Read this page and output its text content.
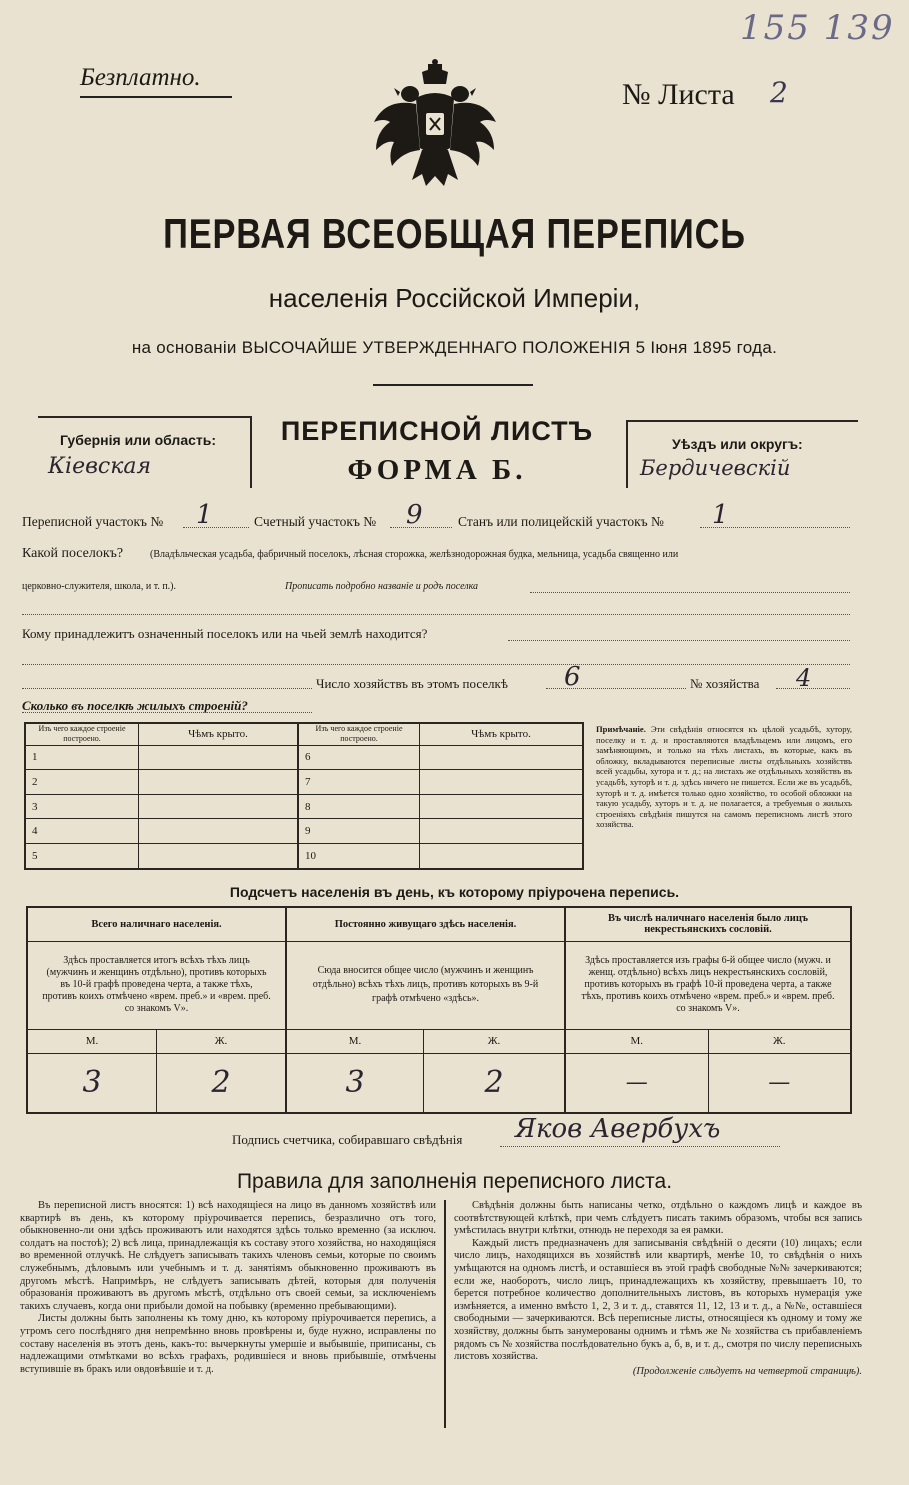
155 139
Безплатно.
№ Листа 2
ПЕРВАЯ ВСЕОБЩАЯ ПЕРЕПИСЬ
населенія Россійской Имперіи,
на основаніи ВЫСОЧАЙШЕ УТВЕРЖДЕННАГО ПОЛОЖЕНІЯ 5 Іюня 1895 года.
Губернія или область:
Кіевская
ПЕРЕПИСНОЙ ЛИСТЪ
ФОРМА Б.
Уѣздъ или округъ:
Бердичевскій
Переписной участокъ № 1	Счетный участокъ № 9	Станъ или полицейскій участокъ № 1
Какой поселокъ?	(Владѣльческая усадьба, фабричный поселокъ, лѣсная сторожка, желѣзнодорожная будка, мельница, усадьба священно или
церковно-служителя, школа, и т. п.).	Прописать подробно названіе и родъ поселка
Кому принадлежитъ означенный поселокъ или на чьей землѣ находится?
Число хозяйствъ въ этомъ поселкѣ 6	№ хозяйства 4
Сколько въ поселкѣ жилыхъ строеній?
Изъ чего каждое строеніе построено.	Чѣмъ крыто.	Изъ чего каждое строеніе построено.	Чѣмъ крыто.
1		6	
2		7	
3		8	
4		9	
5		10	
Примѣчаніе. Эти свѣдѣнія относятся къ цѣлой усадьбѣ, хутору, поселку и т. д. и проставляются владѣльцемъ или лицомъ, его замѣняющимъ, и только на тѣхъ листахъ, въ которые, какъ въ обложку, вкладываются переписные листы отдѣльныхъ хозяйствъ всей усадьбы, хутора и т. д.; на листахъ же отдѣльныхъ хозяйствъ въ усадьбѣ, хуторѣ и т. д. здѣсь ничего не пишется. Если же въ усадьбѣ, хуторѣ и т. д. имѣется только одно хозяйство, то особой обложки на такую усадьбу, хуторъ и т. д. не полагается, а требуемыя о жилыхъ строеніяхъ свѣдѣнія пишутся на самомъ переписномъ листѣ этого хозяйства.
Подсчетъ населенія въ день, къ которому пріурочена перепись.
Всего наличнаго населенія.		Постоянно живущаго здѣсь населенія.		Въ числѣ наличнаго населенія было лицъ некрестьянскихъ сословій.	
Здѣсь проставляется итогъ всѣхъ тѣхъ лицъ (мужчинъ и женщинъ отдѣльно), противъ которыхъ въ 10-й графѣ проведена черта, а также тѣхъ, противъ коихъ отмѣчено «врем. преб.» и «врем. преб. со знакомъ V».		Сюда вносится общее число (мужчинъ и женщинъ отдѣльно) всѣхъ тѣхъ лицъ, противъ которыхъ въ 9-й графѣ отмѣчено «здѣсь».		Здѣсь проставляется изъ графы 6-й общее число (мужч. и женщ. отдѣльно) всѣхъ лицъ некрестьянскихъ сословій, противъ которыхъ въ графѣ 10-й проведена черта, а также тѣхъ, противъ коихъ отмѣчено «врем. преб.» и «врем. преб. со знакомъ V».	
М.	Ж.	М.	Ж.	М.	Ж.
3	2	3	2	—	—
Подпись счетчика, собиравшаго свѣдѣнія Яков Авербухъ
Правила для заполненія переписного листа.
Въ переписной листъ вносятся: 1) всѣ находящіеся на лицо въ данномъ хозяйствѣ или квартирѣ въ день, къ которому пріурочивается перепись, безразлично отъ того, обыкновенно-ли они здѣсь проживаютъ или находятся здѣсь только временно (за исключ. солдатъ на постоѣ); 2) всѣ лица, принадлежащія къ составу этого хозяйства, но находящіяся во временной отлучкѣ. Не слѣдуетъ записывать такихъ членовъ семьи, которые по своимъ служебнымъ, дѣловымъ или учебнымъ и т. д. занятіямъ обыкновенно проживаютъ въ другомъ мѣстѣ. Напримѣръ, не слѣдуетъ записывать дѣтей, которыя для полученія образованія проживаютъ въ другомъ мѣстѣ, отдѣльно отъ своей семьи, за исключеніемъ такихъ случаевъ, когда они прибыли домой на побывку (временно пребывающими).
Листы должны быть заполнены къ тому дню, къ которому пріурочивается перепись, а утромъ сего послѣдняго дня непремѣнно вновь провѣрены и, буде нужно, исправлены по составу населенія въ этотъ день, какъ-то: вычеркнуты умершіе и выбывшіе, приписаны, съ надлежащими отмѣтками во всѣхъ графахъ, родившіеся и вновь прибывшіе, отмѣчены вступившіе въ бракъ или овдовѣвшіе и т. д.
Свѣдѣнія должны быть написаны четко, отдѣльно о каждомъ лицѣ и каждое въ соотвѣтствующей клѣткѣ, при чемъ слѣдуетъ писать такимъ образомъ, чтобы вся запись умѣстилась внутри клѣтки, отнюдь не переходя за ея рамки.
Каждый листъ предназначенъ для записыванія свѣдѣній о десяти (10) лицахъ; если число лицъ, находящихся въ хозяйствѣ или квартирѣ, менѣе 10, то свѣдѣнія о нихъ умѣщаются на одномъ листѣ, и оставшіеся въ этой графѣ свободные №№ зачеркиваются; если же, наоборотъ, число лицъ, принадлежащихъ къ хозяйству, превышаетъ 10, то берется потребное количество дополнительныхъ листовъ, въ которыхъ нумерація уже измѣняется, а именно вмѣсто 1, 2, 3 и т. д., ставятся 11, 12, 13 и т. д., а №№, оставшіеся свободными — зачеркиваются. Всѣ переписные листы, относящіеся къ одному и тому же хозяйству, должны быть занумерованы однимъ и тѣмъ же № хозяйства съ прибавленіемъ рядомъ съ № хозяйства послѣдовательно букъ а, б, в, и т. д., смотря по числу переписныхъ листовъ хозяйства.
(Продолженіе слѣдуетъ на четвертой страницѣ).
